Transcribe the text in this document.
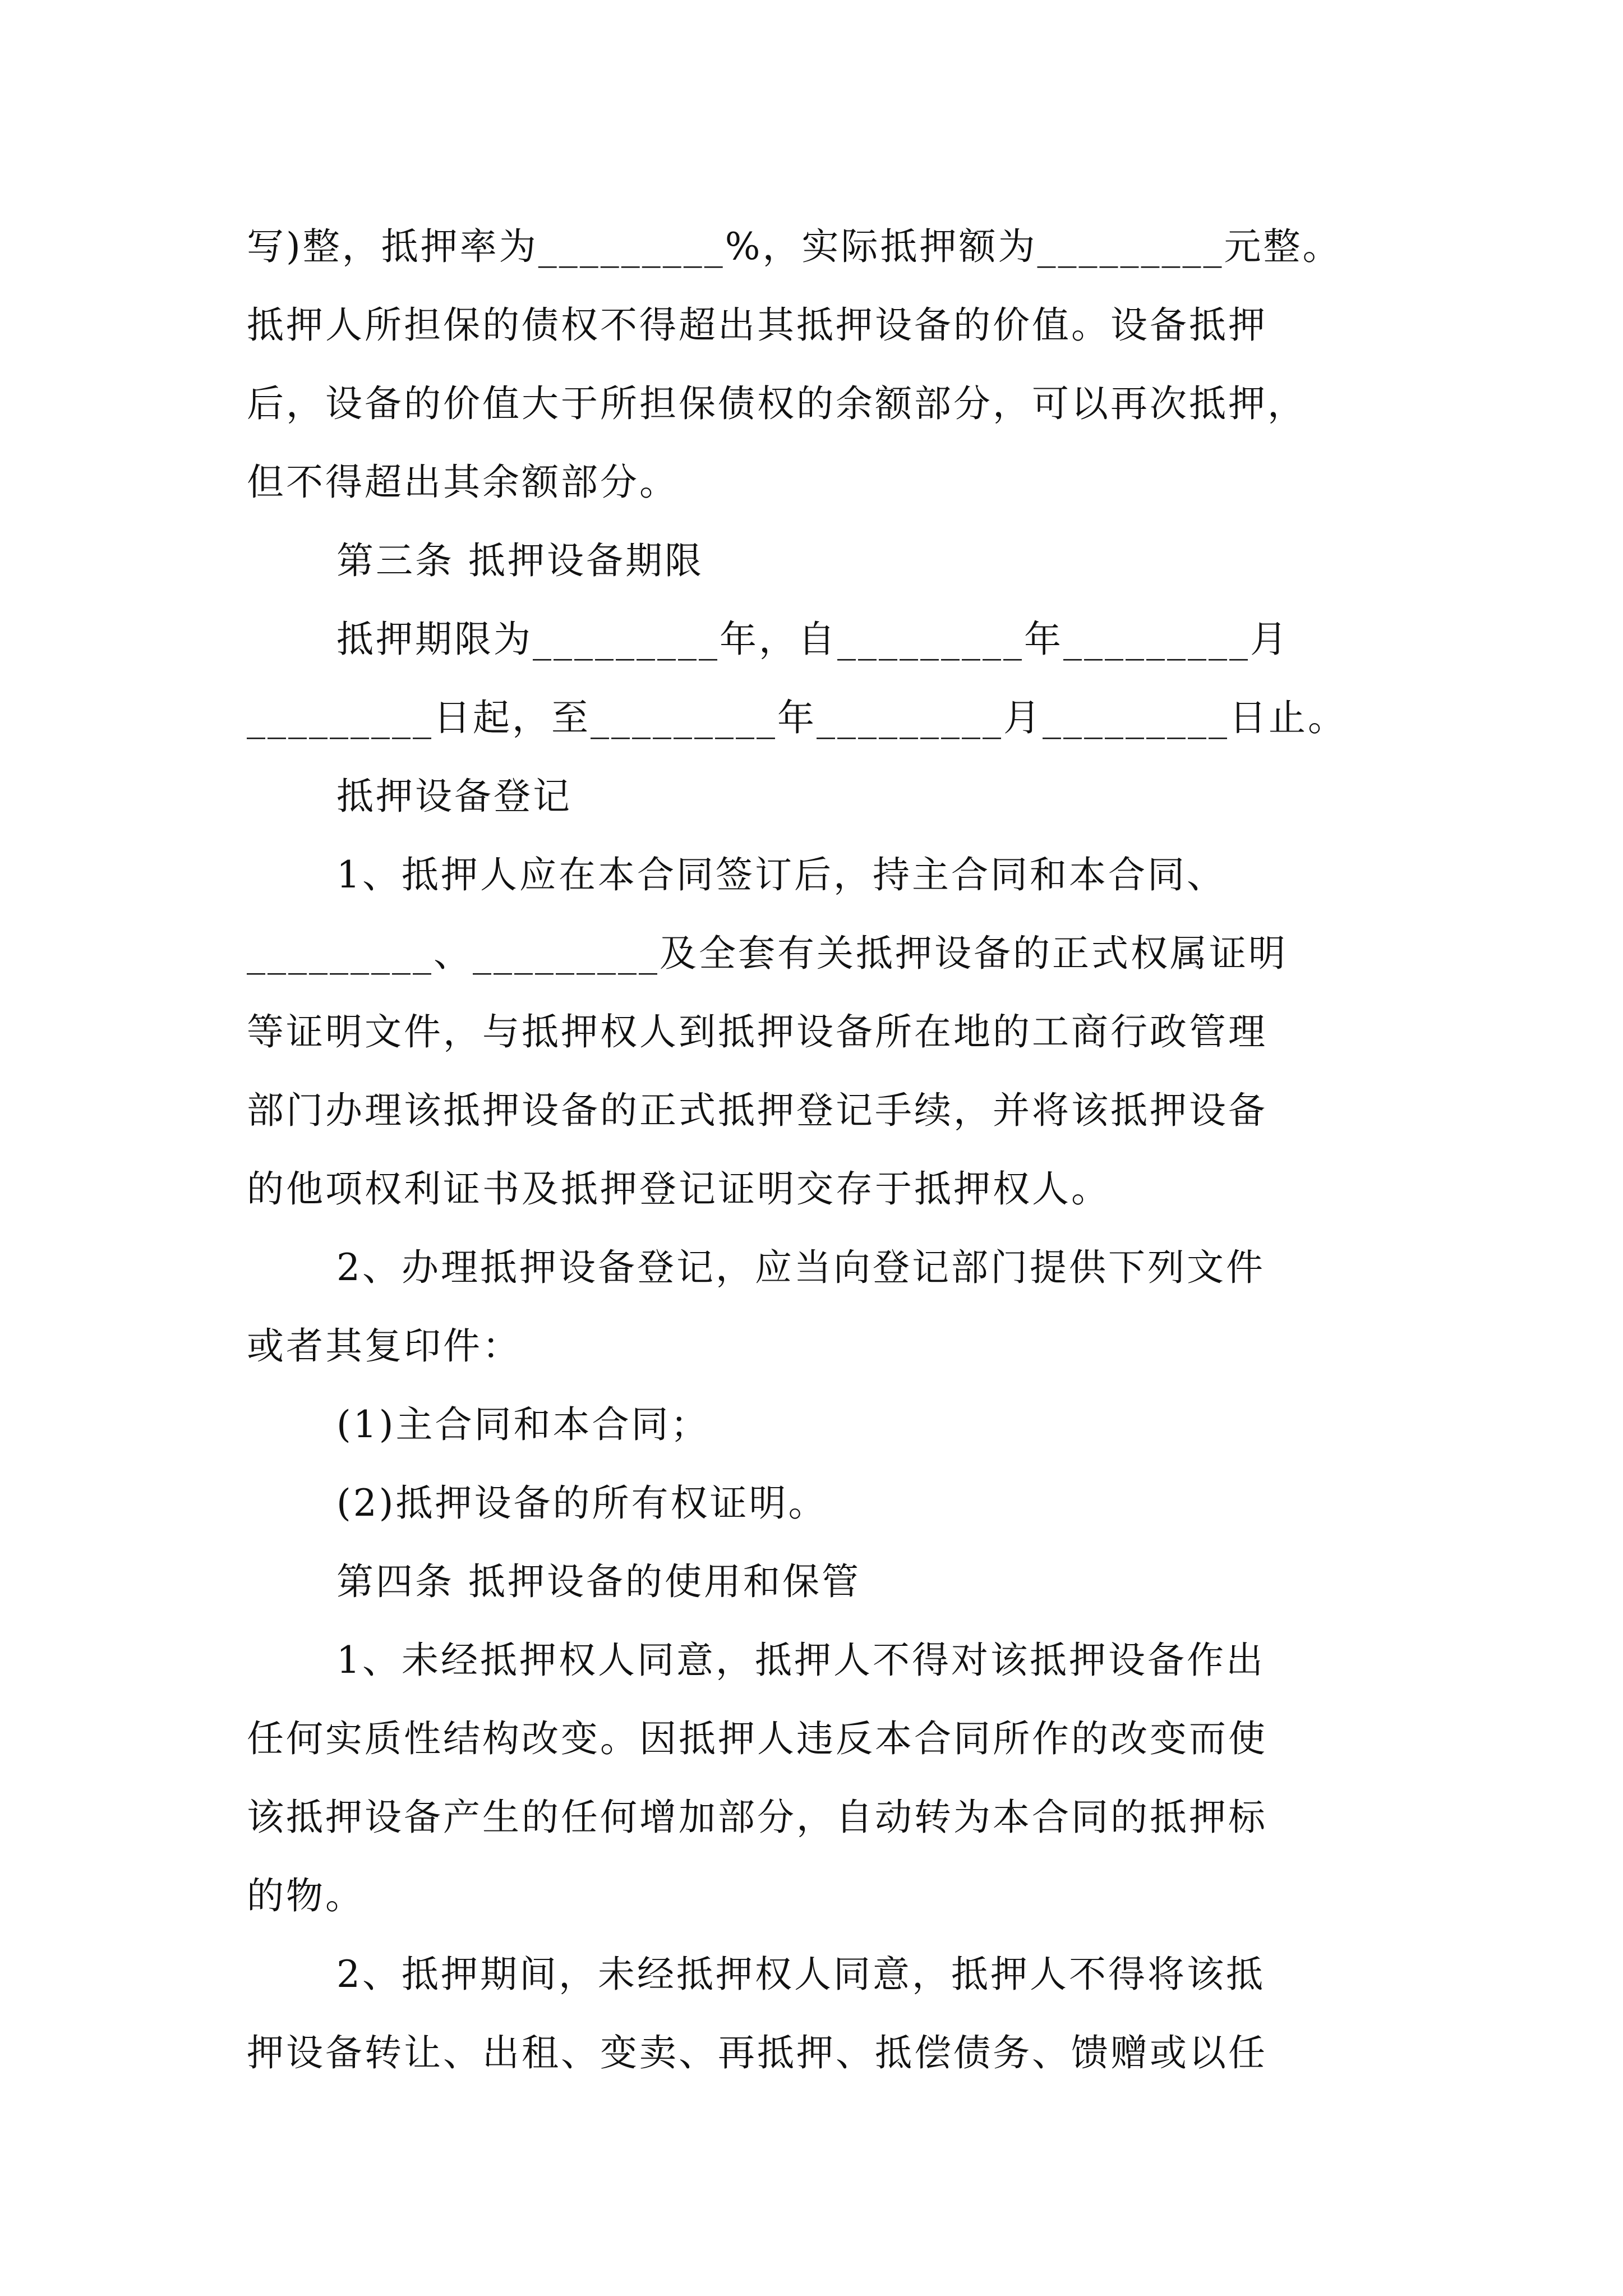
写)整，抵押率为_________%，实际抵押额为_________元整。
抵押人所担保的债权不得超出其抵押设备的价值。设备抵押
后，设备的价值大于所担保债权的余额部分，可以再次抵押，
但不得超出其余额部分。
第三条 抵押设备期限
抵押期限为_________年，自_________年_________月
_________日起，至_________年_________月_________日止。
抵押设备登记
1、抵押人应在本合同签订后，持主合同和本合同、
_________、_________及全套有关抵押设备的正式权属证明
等证明文件，与抵押权人到抵押设备所在地的工商行政管理
部门办理该抵押设备的正式抵押登记手续，并将该抵押设备
的他项权利证书及抵押登记证明交存于抵押权人。
2、办理抵押设备登记，应当向登记部门提供下列文件
或者其复印件：
(1)主合同和本合同；
(2)抵押设备的所有权证明。
第四条 抵押设备的使用和保管
1、未经抵押权人同意，抵押人不得对该抵押设备作出
任何实质性结构改变。因抵押人违反本合同所作的改变而使
该抵押设备产生的任何增加部分，自动转为本合同的抵押标
的物。
2、抵押期间，未经抵押权人同意，抵押人不得将该抵
押设备转让、出租、变卖、再抵押、抵偿债务、馈赠或以任
